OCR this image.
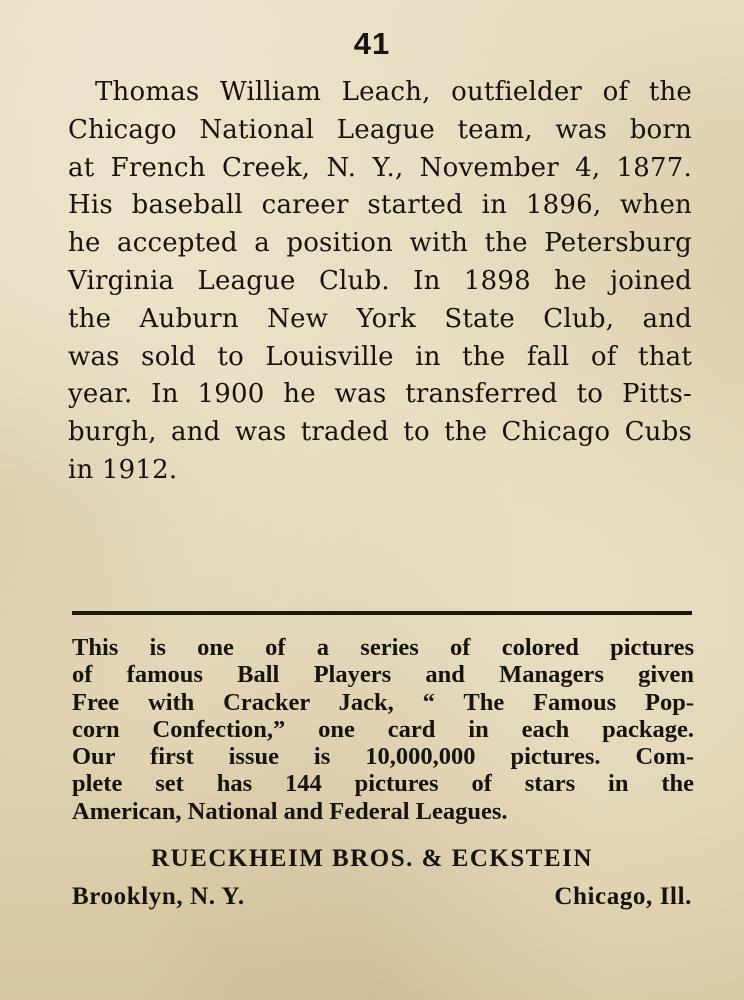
41
Thomas William Leach, outfielder of the
Chicago National League team, was born
at French Creek, N. Y., November 4, 1877.
His baseball career started in 1896, when
he accepted a position with the Petersburg
Virginia League Club. In 1898 he joined
the Auburn New York State Club, and
was sold to Louisville in the fall of that
year. In 1900 he was transferred to Pitts-
burgh, and was traded to the Chicago Cubs
in 1912.
This is one of a series of colored pictures
of famous Ball Players and Managers given
Free with Cracker Jack, “ The Famous Pop-
corn Confection,” one card in each package.
Our first issue is 10,000,000 pictures. Com-
plete set has 144 pictures of stars in the
American, National and Federal Leagues.
RUECKHEIM BROS. & ECKSTEIN
Brooklyn, N. Y.	Chicago, Ill.
